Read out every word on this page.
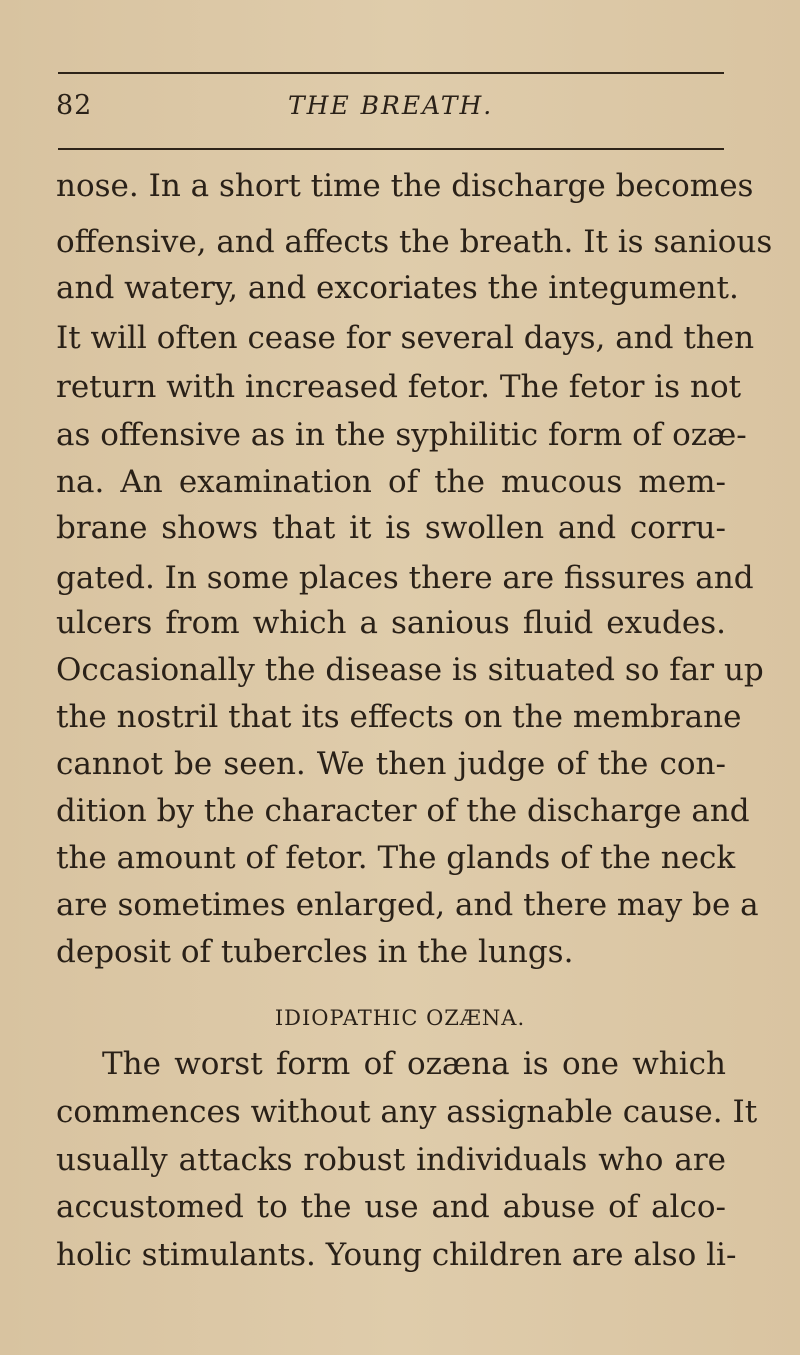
82	THE BREATH.
nose. In a short time the discharge becomes
offensive, and affects the breath. It is sanious
and watery, and excoriates the integument.
It will often cease for several days, and then
return with increased fetor. The fetor is not
as offensive as in the syphilitic form of ozæ-
na. An examination of the mucous mem-
brane shows that it is swollen and corru-
gated. In some places there are fissures and
ulcers from which a sanious fluid exudes.
Occasionally the disease is situated so far up
the nostril that its effects on the membrane
cannot be seen. We then judge of the con-
dition by the character of the discharge and
the amount of fetor. The glands of the neck
are sometimes enlarged, and there may be a
deposit of tubercles in the lungs.
IDIOPATHIC OZÆNA.
The worst form of ozæna is one which
commences without any assignable cause. It
usually attacks robust individuals who are
accustomed to the use and abuse of alco-
holic stimulants. Young children are also li-
